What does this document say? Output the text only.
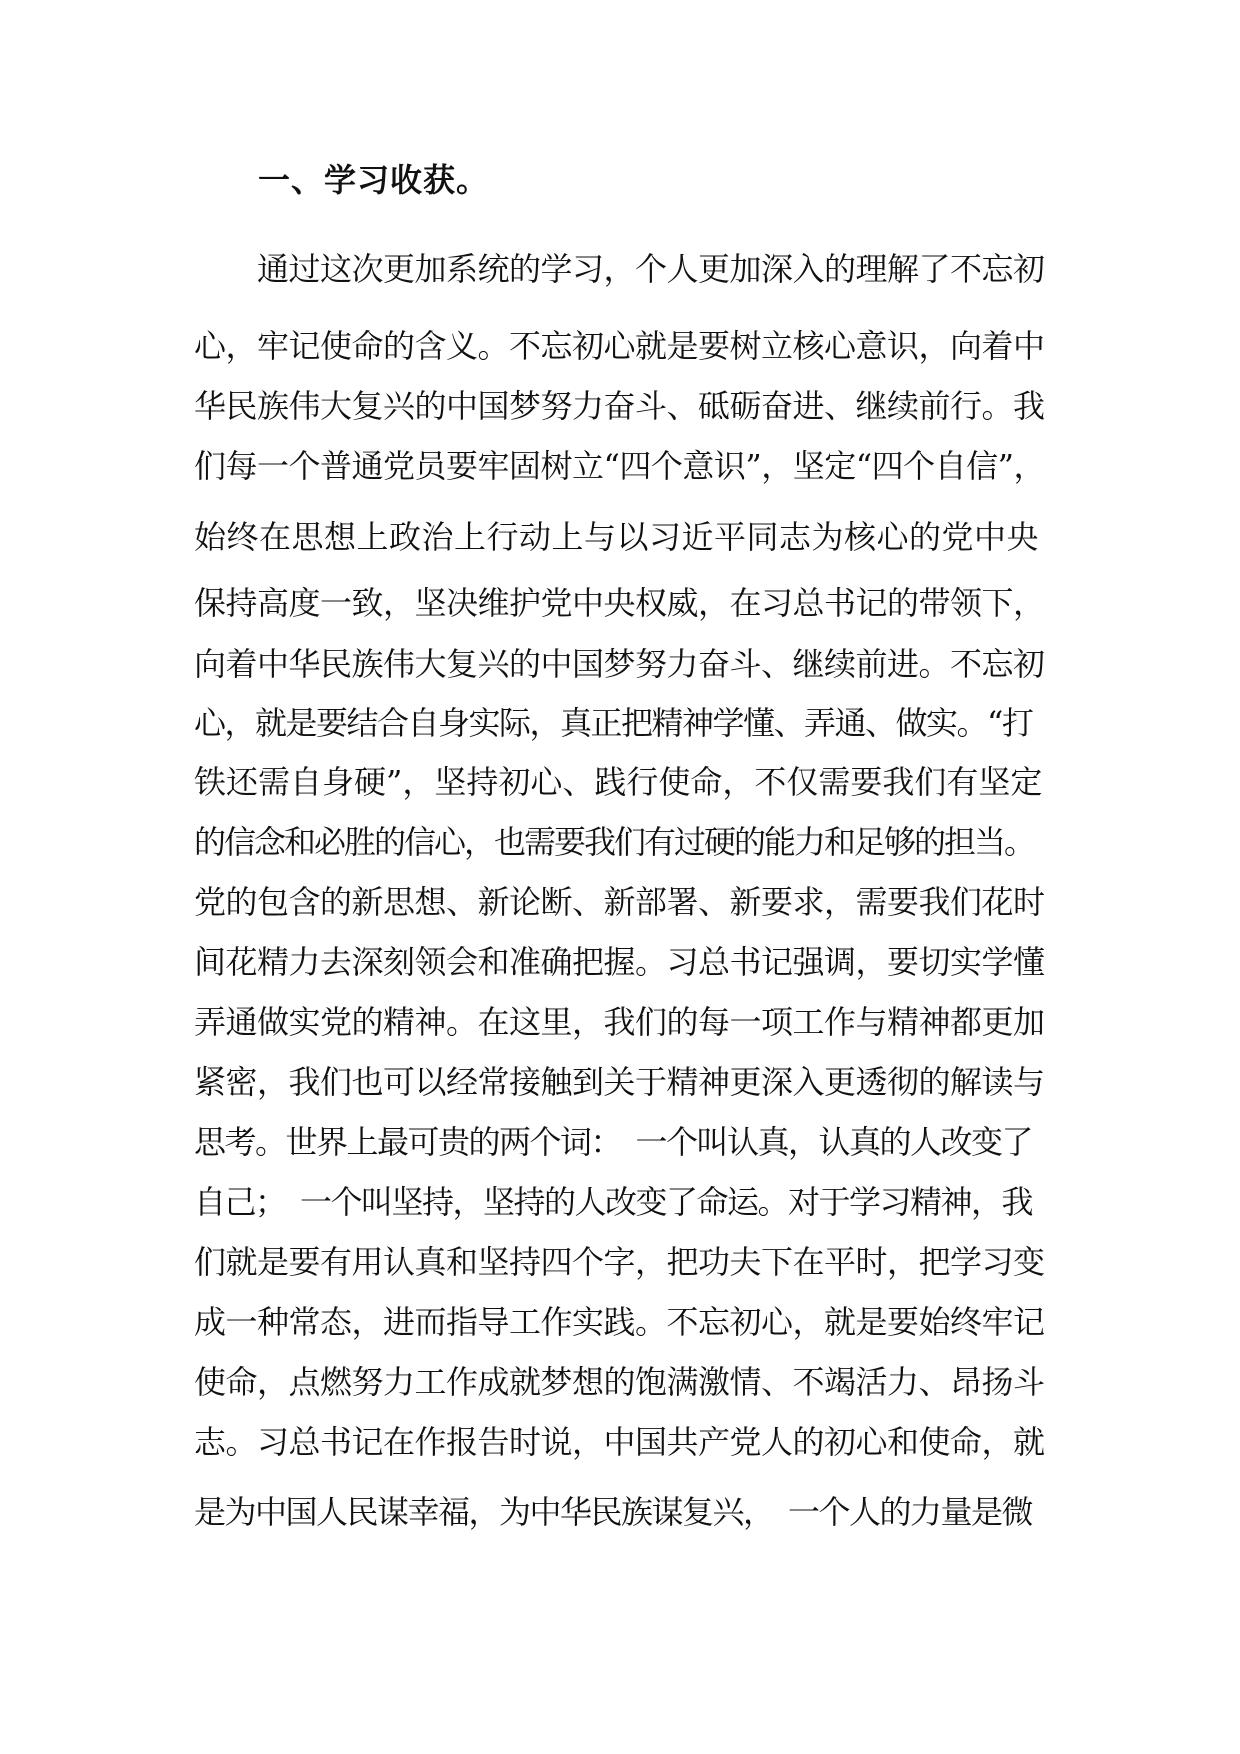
一、学习收获。

　　通过这次更加系统的学习，个人更加深入的理解了不忘初

心，牢记使命的含义。不忘初心就是要树立核心意识，向着中

华民族伟大复兴的中国梦努力奋斗、砥砺奋进、继续前行。我

们每一个普通党员要牢固树立“四个意识”，坚定“四个自信”，

始终在思想上政治上行动上与以习近平同志为核心的党中央

保持高度一致，坚决维护党中央权威，在习总书记的带领下，

向着中华民族伟大复兴的中国梦努力奋斗、继续前进。不忘初

心，就是要结合自身实际，真正把精神学懂、弄通、做实。“打

铁还需自身硬”，坚持初心、践行使命，不仅需要我们有坚定

的信念和必胜的信心，也需要我们有过硬的能力和足够的担当。

党的包含的新思想、新论断、新部署、新要求，需要我们花时

间花精力去深刻领会和准确把握。习总书记强调，要切实学懂

弄通做实党的精神。在这里，我们的每一项工作与精神都更加

紧密，我们也可以经常接触到关于精神更深入更透彻的解读与

思考。世界上最可贵的两个词：　一个叫认真，认真的人改变了

自己；　一个叫坚持，坚持的人改变了命运。对于学习精神，我

们就是要有用认真和坚持四个字，把功夫下在平时，把学习变

成一种常态，进而指导工作实践。不忘初心，就是要始终牢记

使命，点燃努力工作成就梦想的饱满激情、不竭活力、昂扬斗

志。习总书记在作报告时说，中国共产党人的初心和使命，就

是为中国人民谋幸福，为中华民族谋复兴，　一个人的力量是微
